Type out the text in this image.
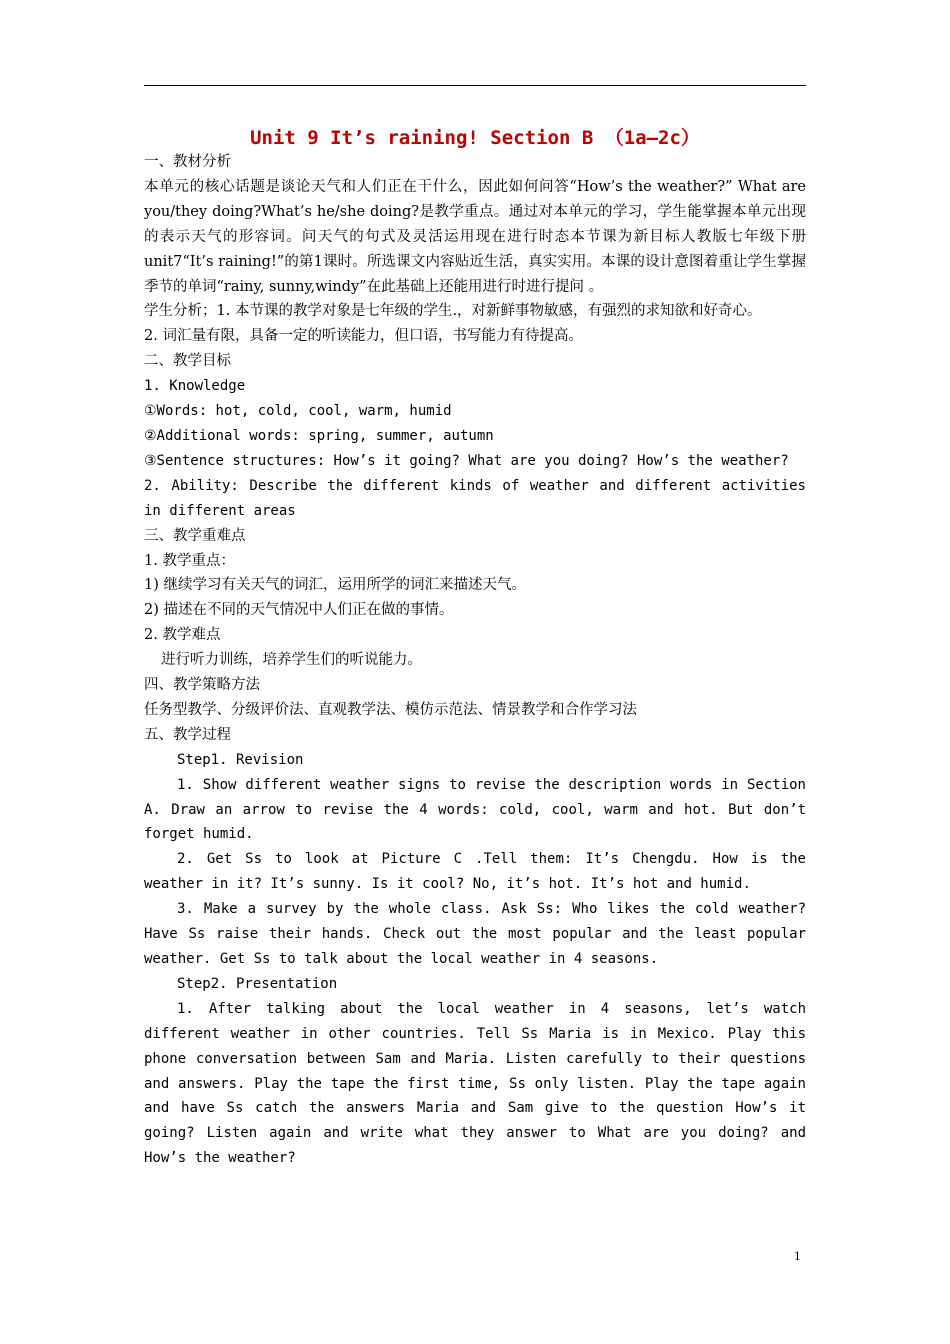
Unit 9 It’s raining! Section B （1a—2c）

一、教材分析

本单元的核心话题是谈论天气和人们正在干什么，因此如何问答“How’s the weather?” What are you/they doing?What’s he/she doing?是教学重点。通过对本单元的学习，学生能掌握本单元出现的表示天气的形容词。问天气的句式及灵活运用现在进行时态本节课为新目标人教版七年级下册unit7“It’s raining!”的第1课时。所选课文内容贴近生活，真实实用。本课的设计意图着重让学生掌握季节的单词“rainy, sunny,windy”在此基础上还能用进行时进行提问 。

学生分析；1. 本节课的教学对象是七年级的学生.，对新鲜事物敏感，有强烈的求知欲和好奇心。

2. 词汇量有限，具备一定的听读能力，但口语，书写能力有待提高。

二、教学目标

1. Knowledge

①Words: hot, cold, cool, warm, humid

②Additional words: spring, summer, autumn

③Sentence structures: How’s it going? What are you doing? How’s the weather?

2. Ability: Describe the different kinds of weather and different activities in different areas

三、教学重难点

1. 教学重点：

1) 继续学习有关天气的词汇，运用所学的词汇来描述天气。

2) 描述在不同的天气情况中人们正在做的事情。

2. 教学难点

进行听力训练，培养学生们的听说能力。

四、教学策略方法

任务型教学、分级评价法、直观教学法、模仿示范法、情景教学和合作学习法

五、教学过程

Step1. Revision

1. Show different weather signs to revise the description words in Section A. Draw an arrow to revise the 4 words: cold, cool, warm and hot. But don’t forget humid.

2. Get Ss to look at Picture C .Tell them: It’s Chengdu. How is the weather in it? It’s sunny. Is it cool? No, it’s hot. It’s hot and humid.

3. Make a survey by the whole class. Ask Ss: Who likes the cold weather? Have Ss raise their hands. Check out the most popular and the least popular weather. Get Ss to talk about the local weather in 4 seasons.

Step2. Presentation

1. After talking about the local weather in 4 seasons, let’s watch different weather in other countries. Tell Ss Maria is in Mexico. Play this phone conversation between Sam and Maria. Listen carefully to their questions and answers. Play the tape the first time, Ss only listen. Play the tape again and have Ss catch the answers Maria and Sam give to the question How’s it going? Listen again and write what they answer to What are you doing? and How’s the weather?

1
